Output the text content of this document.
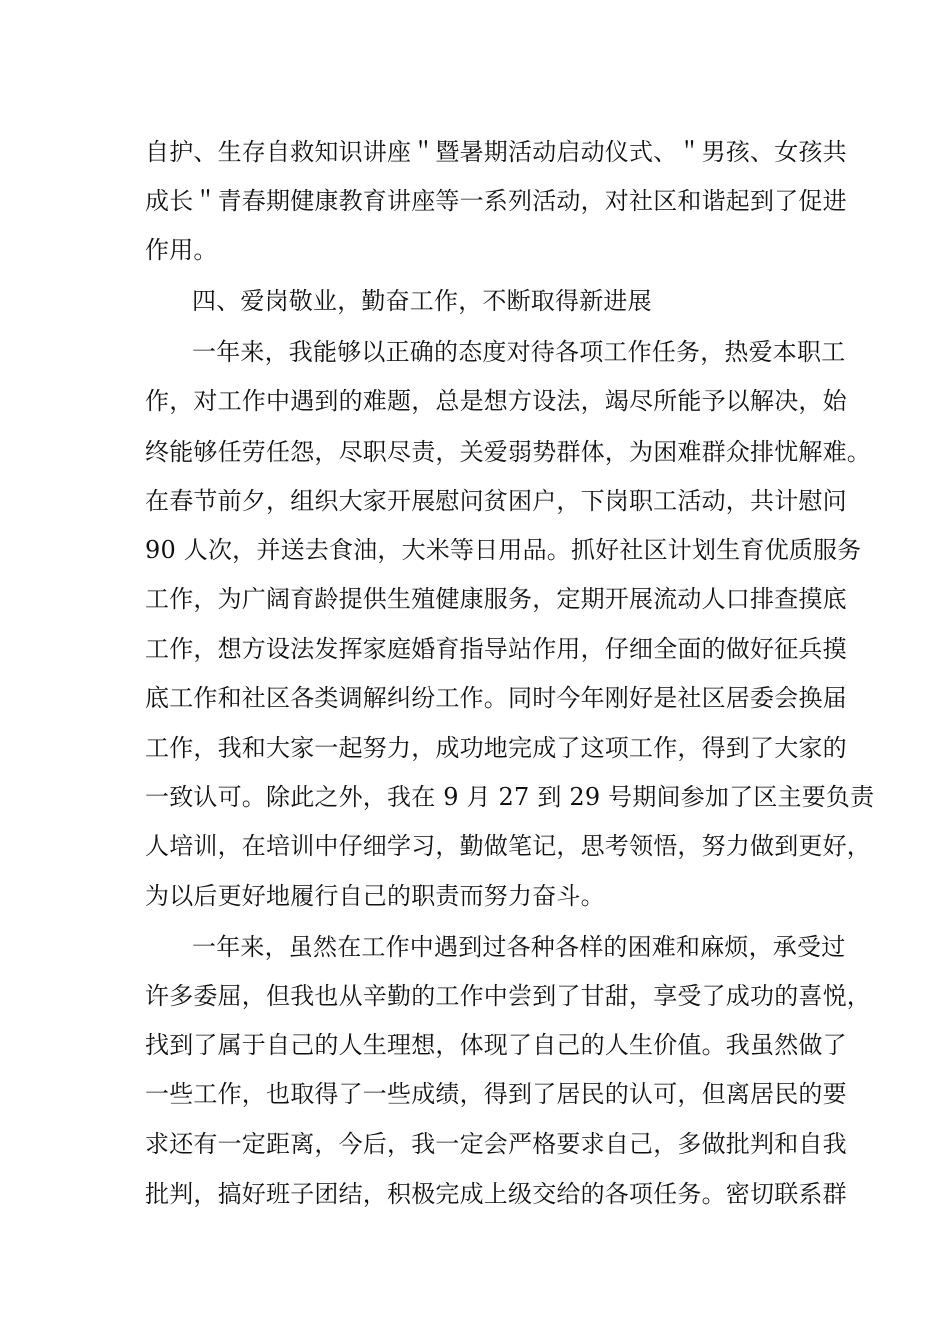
自护、生存自救知识讲座＂暨暑期活动启动仪式、＂男孩、女孩共
成长＂青春期健康教育讲座等一系列活动，对社区和谐起到了促进
作用。
四、爱岗敬业，勤奋工作，不断取得新进展
一年来，我能够以正确的态度对待各项工作任务，热爱本职工
作，对工作中遇到的难题，总是想方设法，竭尽所能予以解决，始
终能够任劳任怨，尽职尽责，关爱弱势群体，为困难群众排忧解难。
在春节前夕，组织大家开展慰问贫困户，下岗职工活动，共计慰问
90 人次，并送去食油，大米等日用品。抓好社区计划生育优质服务
工作，为广阔育龄提供生殖健康服务，定期开展流动人口排查摸底
工作，想方设法发挥家庭婚育指导站作用，仔细全面的做好征兵摸
底工作和社区各类调解纠纷工作。同时今年刚好是社区居委会换届
工作，我和大家一起努力，成功地完成了这项工作，得到了大家的
一致认可。除此之外，我在 9 月 27 到 29 号期间参加了区主要负责
人培训，在培训中仔细学习，勤做笔记，思考领悟，努力做到更好，
为以后更好地履行自己的职责而努力奋斗。
一年来，虽然在工作中遇到过各种各样的困难和麻烦，承受过
许多委屈，但我也从辛勤的工作中尝到了甘甜，享受了成功的喜悦，
找到了属于自己的人生理想，体现了自己的人生价值。我虽然做了
一些工作，也取得了一些成绩，得到了居民的认可，但离居民的要
求还有一定距离，今后，我一定会严格要求自己，多做批判和自我
批判，搞好班子团结，积极完成上级交给的各项任务。密切联系群
